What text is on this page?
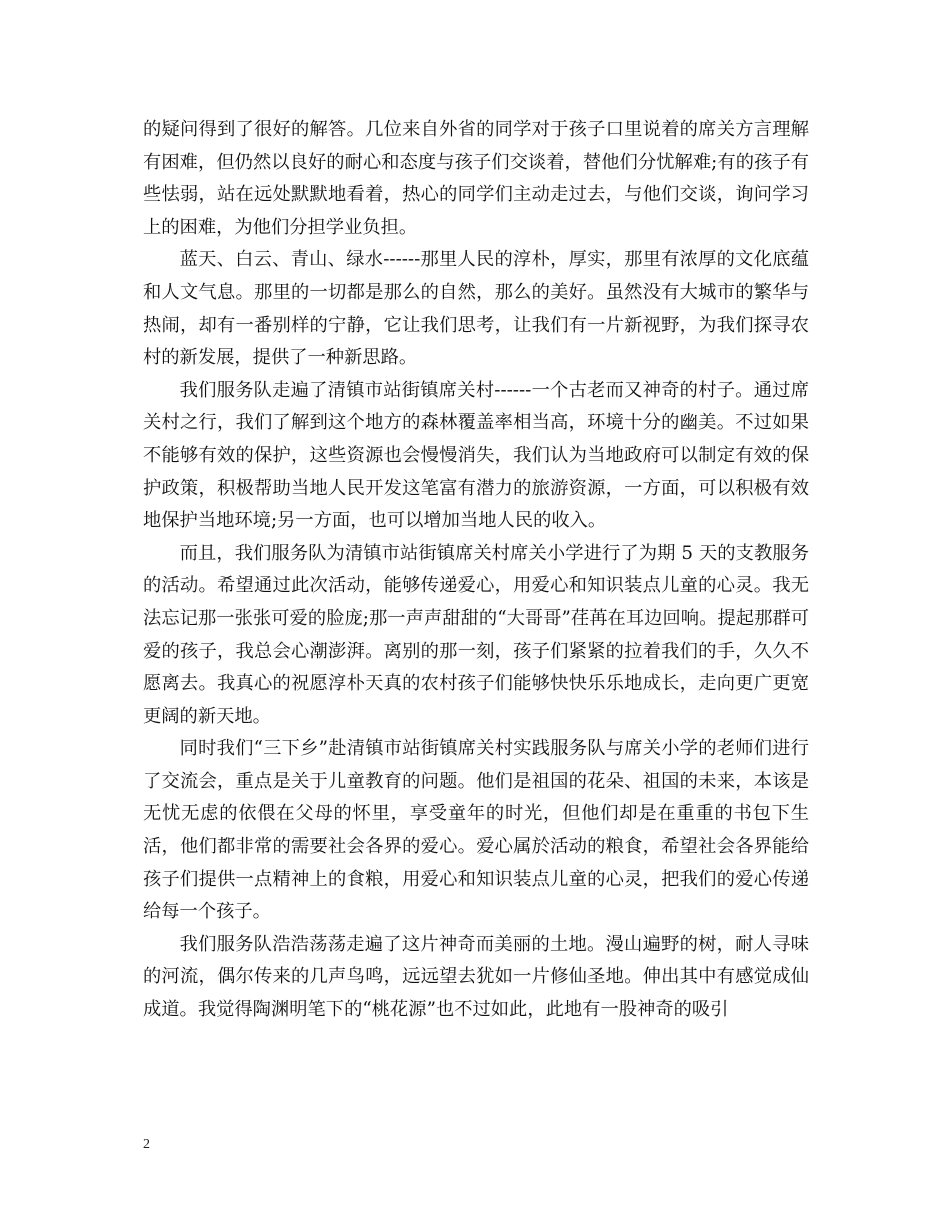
的疑问得到了很好的解答。几位来自外省的同学对于孩子口里说着的席关方言理解有困难，但仍然以良好的耐心和态度与孩子们交谈着，替他们分忧解难;有的孩子有些怯弱，站在远处默默地看着，热心的同学们主动走过去，与他们交谈，询问学习上的困难，为他们分担学业负担。

蓝天、白云、青山、绿水------那里人民的淳朴，厚实，那里有浓厚的文化底蕴和人文气息。那里的一切都是那么的自然，那么的美好。虽然没有大城市的繁华与热闹，却有一番别样的宁静，它让我们思考，让我们有一片新视野，为我们探寻农村的新发展，提供了一种新思路。

我们服务队走遍了清镇市站街镇席关村------一个古老而又神奇的村子。通过席关村之行，我们了解到这个地方的森林覆盖率相当高，环境十分的幽美。不过如果不能够有效的保护，这些资源也会慢慢消失，我们认为当地政府可以制定有效的保护政策，积极帮助当地人民开发这笔富有潜力的旅游资源，一方面，可以积极有效地保护当地环境;另一方面，也可以增加当地人民的收入。

而且，我们服务队为清镇市站街镇席关村席关小学进行了为期 5 天的支教服务的活动。希望通过此次活动，能够传递爱心，用爱心和知识装点儿童的心灵。我无法忘记那一张张可爱的脸庞;那一声声甜甜的“大哥哥”荏苒在耳边回响。提起那群可爱的孩子，我总会心潮澎湃。离别的那一刻，孩子们紧紧的拉着我们的手，久久不愿离去。我真心的祝愿淳朴天真的农村孩子们能够快快乐乐地成长，走向更广更宽更阔的新天地。

同时我们“三下乡”赴清镇市站街镇席关村实践服务队与席关小学的老师们进行了交流会，重点是关于儿童教育的问题。他们是祖国的花朵、祖国的未来，本该是无忧无虑的依偎在父母的怀里，享受童年的时光，但他们却是在重重的书包下生活，他们都非常的需要社会各界的爱心。爱心属於活动的粮食，希望社会各界能给孩子们提供一点精神上的食粮，用爱心和知识装点儿童的心灵，把我们的爱心传递给每一个孩子。

我们服务队浩浩荡荡走遍了这片神奇而美丽的土地。漫山遍野的树，耐人寻味的河流，偶尔传来的几声鸟鸣，远远望去犹如一片修仙圣地。伸出其中有感觉成仙成道。我觉得陶渊明笔下的“桃花源”也不过如此，此地有一股神奇的吸引

2
